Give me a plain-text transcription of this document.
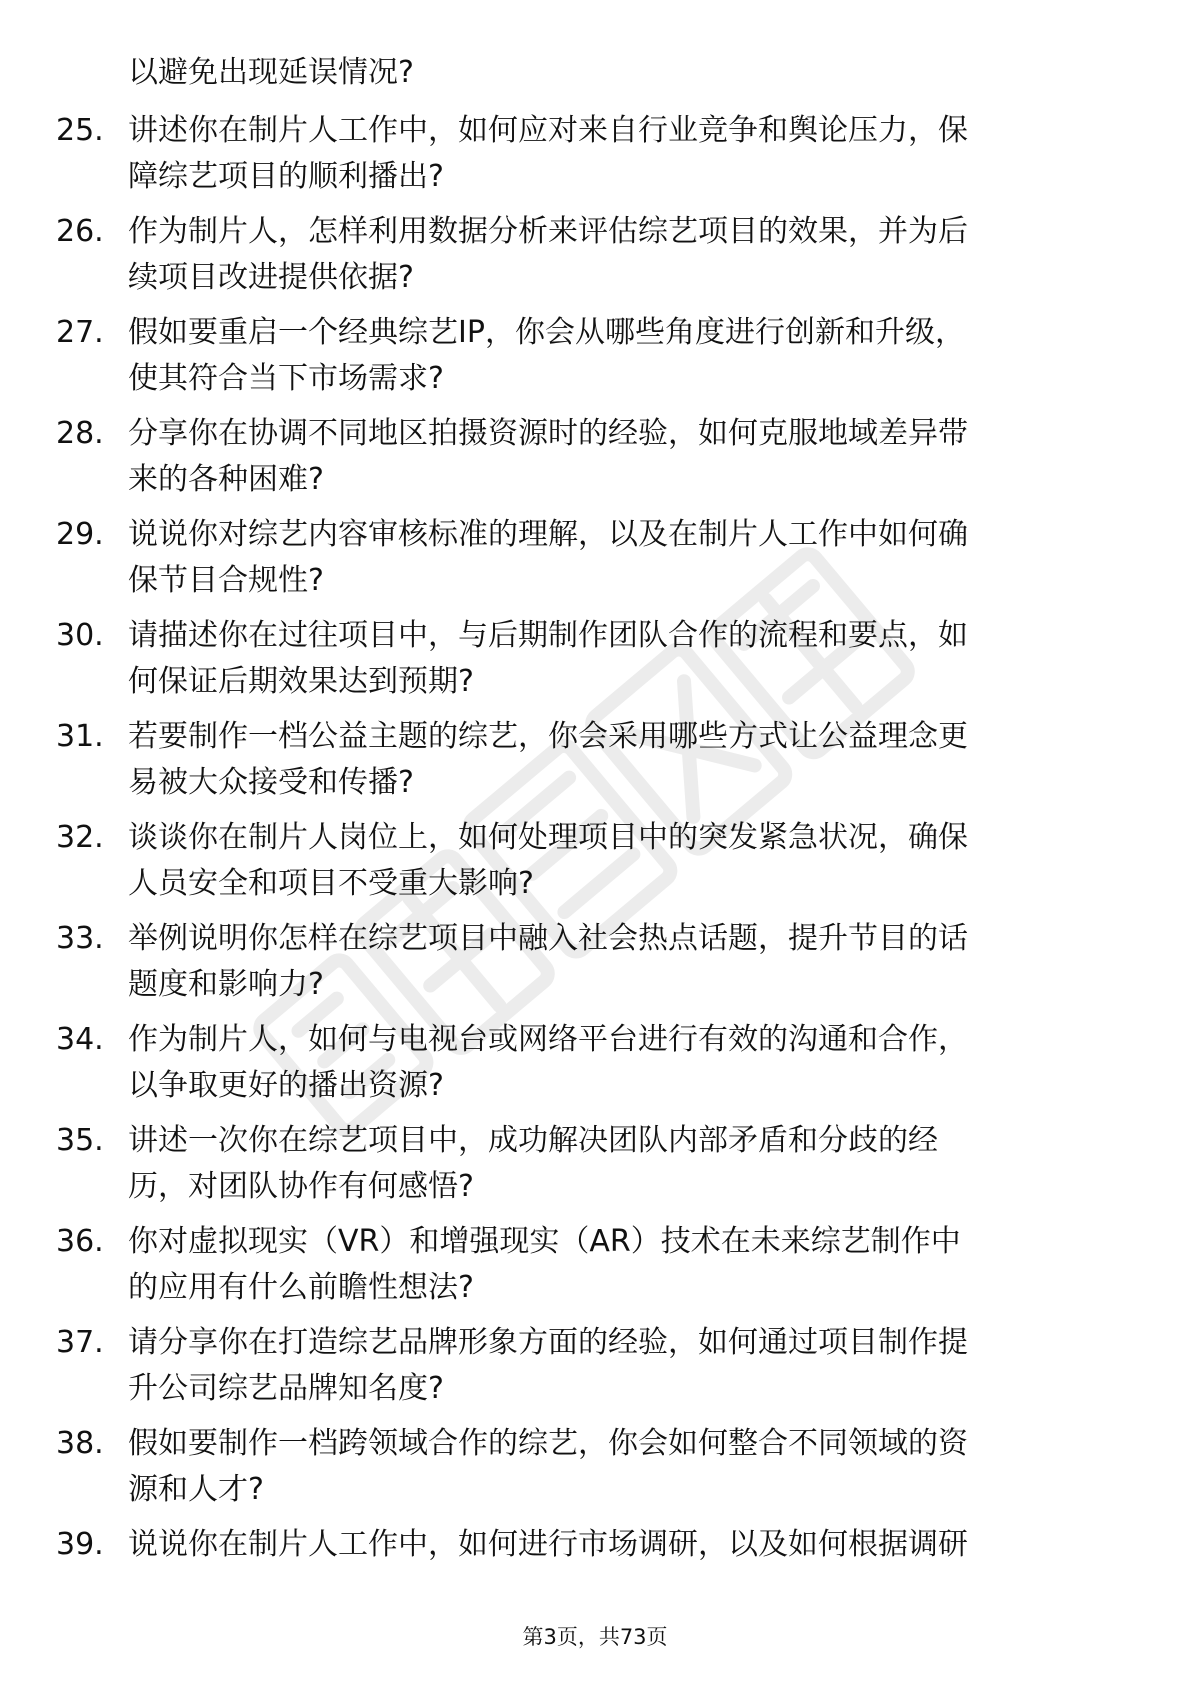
以避免出现延误情况?
25. 讲述你在制片人工作中，如何应对来自行业竞争和舆论压力，保
障综艺项目的顺利播出?
26. 作为制片人，怎样利用数据分析来评估综艺项目的效果，并为后
续项目改进提供依据?
27. 假如要重启一个经典综艺IP，你会从哪些角度进行创新和升级，
使其符合当下市场需求?
28. 分享你在协调不同地区拍摄资源时的经验，如何克服地域差异带
来的各种困难?
29. 说说你对综艺内容审核标准的理解，以及在制片人工作中如何确
保节目合规性?
30. 请描述你在过往项目中，与后期制作团队合作的流程和要点，如
何保证后期效果达到预期?
31. 若要制作一档公益主题的综艺，你会采用哪些方式让公益理念更
易被大众接受和传播?
32. 谈谈你在制片人岗位上，如何处理项目中的突发紧急状况，确保
人员安全和项目不受重大影响?
33. 举例说明你怎样在综艺项目中融入社会热点话题，提升节目的话
题度和影响力?
34. 作为制片人，如何与电视台或网络平台进行有效的沟通和合作，
以争取更好的播出资源?
35. 讲述一次你在综艺项目中，成功解决团队内部矛盾和分歧的经
历，对团队协作有何感悟?
36. 你对虚拟现实（VR）和增强现实（AR）技术在未来综艺制作中
的应用有什么前瞻性想法?
37. 请分享你在打造综艺品牌形象方面的经验，如何通过项目制作提
升公司综艺品牌知名度?
38. 假如要制作一档跨领域合作的综艺，你会如何整合不同领域的资
源和人才?
39. 说说你在制片人工作中，如何进行市场调研，以及如何根据调研
第3页，共73页
